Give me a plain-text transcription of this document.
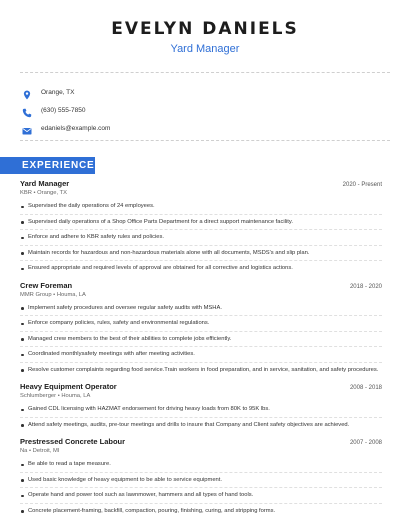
EVELYN DANIELS
Yard Manager
Orange, TX
(630) 555-7850
edaniels@example.com
EXPERIENCE
Yard Manager	2020 - Present
KBR • Orange, TX
Supervised the daily operations of 24 employees.
Supervised daily operations of a Shop Office Parts Department for a direct support maintenance facility.
Enforce and adhere to KBR safety rules and policies.
Maintain records for hazardous and non-hazardous materials alone with all documents, MSDS's and slip plan.
Ensured appropriate and required levels of approval are obtained for all corrective and logistics actions.
Crew Foreman	2018 - 2020
MMR Group • Houma, LA
Implement safety procedures and oversee regular safety audits with MSHA.
Enforce company policies, rules, safety and environmental regulations.
Managed crew members to the best of their abilities to complete jobs efficiently.
Coordinated monthlysafety meetings with after meeting activities.
Resolve customer complaints regarding food service.Train workers in food preparation, and in service, sanitation, and safety procedures.
Heavy Equipment Operator	2008 - 2018
Schlumberger • Houma, LA
Gained CDL licensing with HAZMAT endorsement for driving heavy loads from 80K to 95K lbs.
Attend safety meetings, audits, pre-tour meetings and drills to insure that Company and Client safety objectives are achieved.
Prestressed Concrete Labour	2007 - 2008
Na • Detroit, MI
Be able to read a tape measure.
Used basic knowledge of heavy equipment to be able to service equipment.
Operate hand and power tool such as lawnmower, hammers and all types of hand tools.
Concrete placement-framing, backfill, compaction, pouring, finishing, curing, and stripping forms.
